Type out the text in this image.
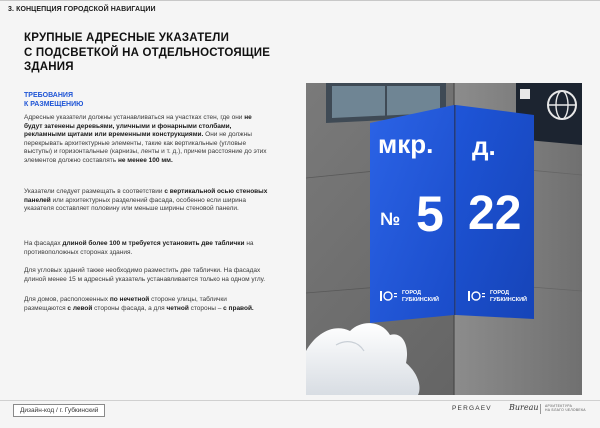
3. КОНЦЕПЦИЯ ГОРОДСКОЙ НАВИГАЦИИ
КРУПНЫЕ АДРЕСНЫЕ УКАЗАТЕЛИ
С ПОДСВЕТКОЙ НА ОТДЕЛЬНОСТОЯЩИЕ
ЗДАНИЯ
ТРЕБОВАНИЯ
К РАЗМЕЩЕНИЮ

Адресные указатели должны устанавливаться на участках стен, где они не будут затенены деревьями, уличными и фонарными столбами, рекламными щитами или временными конструкциями. Они не должны перекрывать архитектурные элементы, такие как вертикальные (угловые выступы) и горизонтальные (карнизы, ленты и т. д.), причем расстояние до этих элементов должно составлять не менее 100 мм.

Указатели следует размещать в соответствии с вертикальной осью стеновых панелей или архитектурных разделений фасада, особенно если ширина указателя составляет половину или меньше ширины стеновой панели.

На фасадах длиной более 100 м требуется установить две таблички на противоположных сторонах здания.

Для угловых зданий также необходимо разместить две таблички. На фасадах длиной менее 15 м адресный указатель устанавливается только на одном углу.

Для домов, расположенных по нечетной стороне улицы, таблички размещаются с левой стороны фасада, а для четной стороны – с правой.

мкр.
№ 5
ГОРОД
ГУБКИНСКИЙ
д.
22
ГОРОД
ГУБКИНСКИЙ
Дизайн-код / г. Губкинский	PERGAEV Bureau АРХИТЕКТУРА
НА БЛАГО ЧЕЛОВЕКА
